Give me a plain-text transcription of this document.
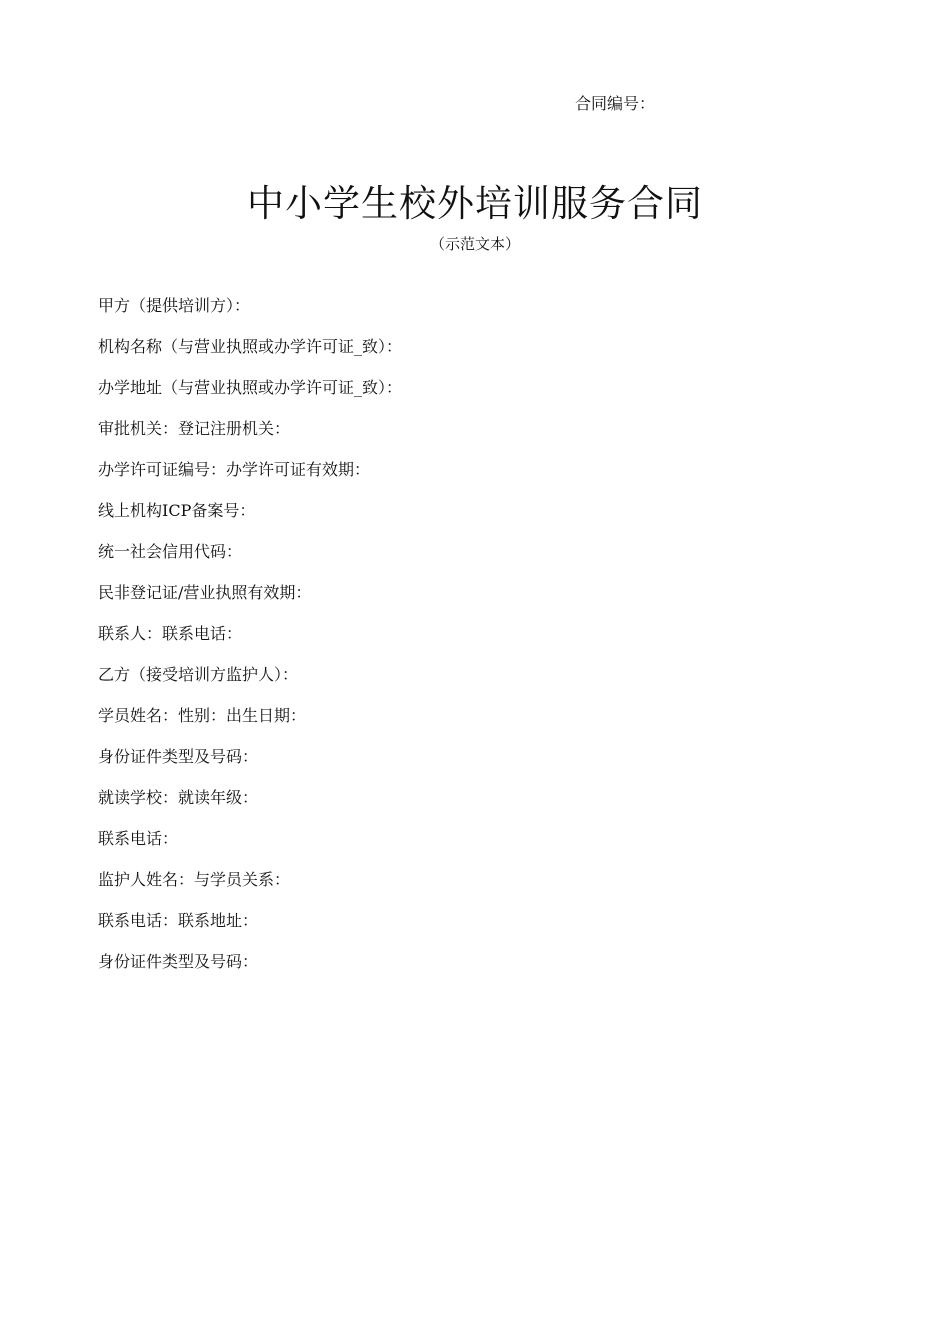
合同编号：
中小学生校外培训服务合同
（示范文本）
甲方（提供培训方）：
机构名称（与营业执照或办学许可证_致）：
办学地址（与营业执照或办学许可证_致）：
审批机关：登记注册机关：
办学许可证编号：办学许可证有效期：
线上机构ICP备案号：
统一社会信用代码：
民非登记证/营业执照有效期：
联系人：联系电话：
乙方（接受培训方监护人）：
学员姓名：性别：出生日期：
身份证件类型及号码：
就读学校：就读年级：
联系电话：
监护人姓名：与学员关系：
联系电话：联系地址：
身份证件类型及号码：
